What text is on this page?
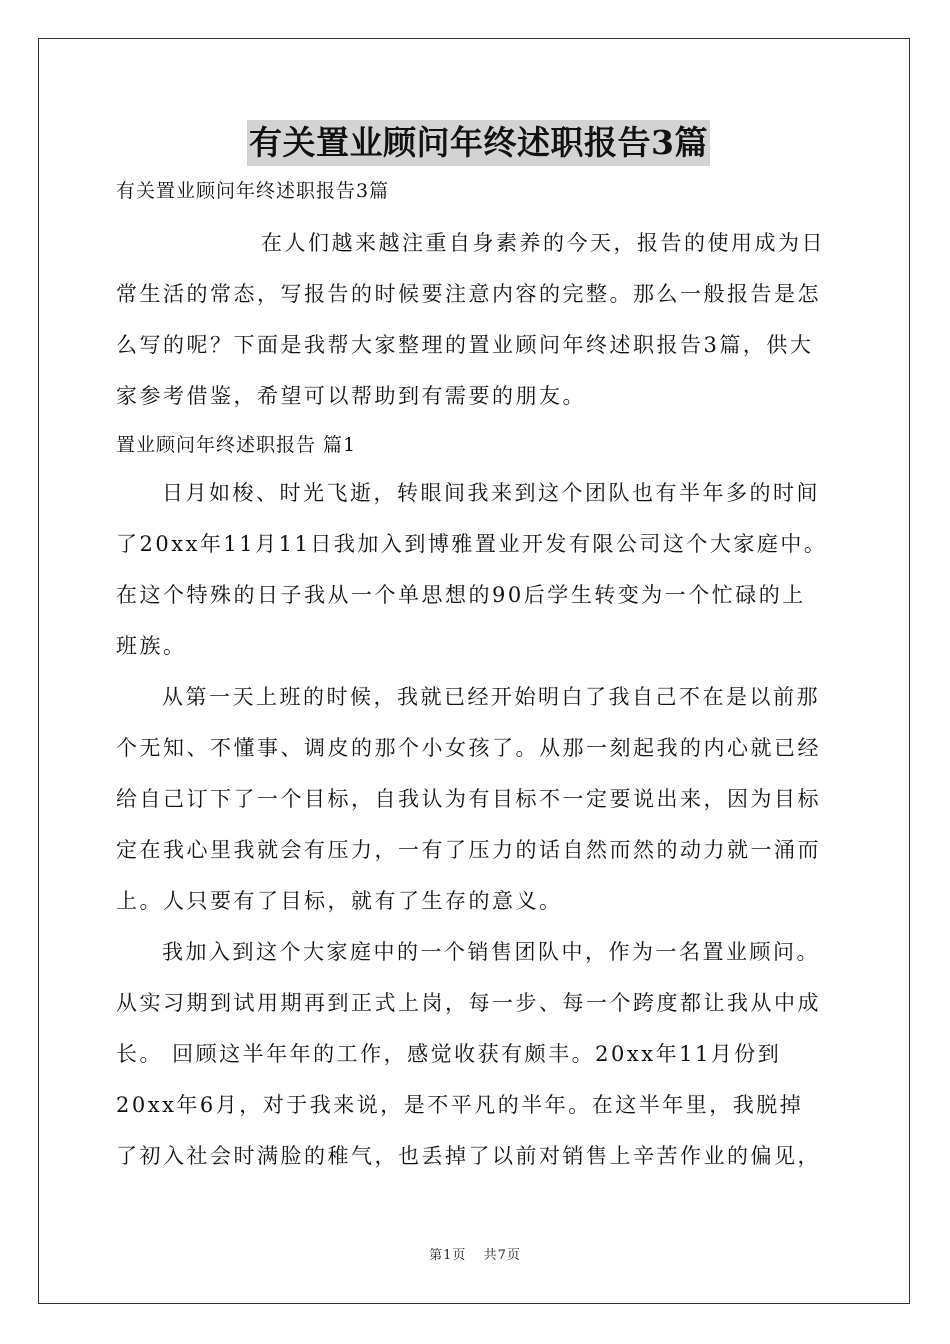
有关置业顾问年终述职报告3篇
有关置业顾问年终述职报告3篇
在人们越来越注重自身素养的今天，报告的使用成为日
常生活的常态，写报告的时候要注意内容的完整。那么一般报告是怎
么写的呢？下面是我帮大家整理的置业顾问年终述职报告3篇，供大
家参考借鉴，希望可以帮助到有需要的朋友。
置业顾问年终述职报告 篇1
日月如梭、时光飞逝，转眼间我来到这个团队也有半年多的时间
了20xx年11月11日我加入到博雅置业开发有限公司这个大家庭中。
在这个特殊的日子我从一个单思想的90后学生转变为一个忙碌的上
班族。
从第一天上班的时候，我就已经开始明白了我自己不在是以前那
个无知、不懂事、调皮的那个小女孩了。从那一刻起我的内心就已经
给自己订下了一个目标，自我认为有目标不一定要说出来，因为目标
定在我心里我就会有压力，一有了压力的话自然而然的动力就一涌而
上。人只要有了目标，就有了生存的意义。
我加入到这个大家庭中的一个销售团队中，作为一名置业顾问。
从实习期到试用期再到正式上岗，每一步、每一个跨度都让我从中成
长。 回顾这半年年的工作，感觉收获有颇丰。20xx年11月份到
20xx年6月，对于我来说，是不平凡的半年。在这半年里，我脱掉
了初入社会时满脸的稚气，也丢掉了以前对销售上辛苦作业的偏见，
第1页 共7页
